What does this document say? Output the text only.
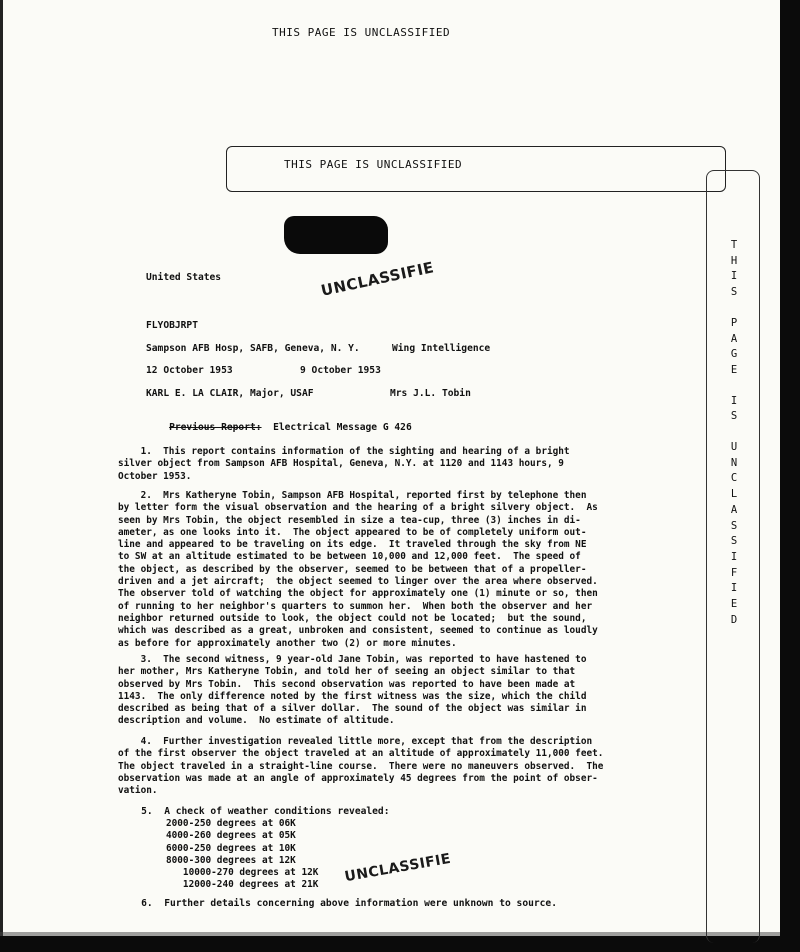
THIS PAGE IS UNCLASSIFIED
THIS PAGE IS UNCLASSIFIED
T
H
I
S
P
A
G
E
I
S
U
N
C
L
A
S
S
I
F
I
E
D
UNCLASSIFIE
United States
FLYOBJRPT
Sampson AFB Hosp, SAFB, Geneva, N. Y.	Wing Intelligence
12 October 1953	9 October 1953
KARL E. LA CLAIR, Major, USAF	Mrs J.L. Tobin

Previous Report: Electrical Message G 426

1.  This report contains information of the sighting and hearing of a bright
silver object from Sampson AFB Hospital, Geneva, N.Y. at 1120 and 1143 hours, 9
October 1953.
2.  Mrs Katheryne Tobin, Sampson AFB Hospital, reported first by telephone then
by letter form the visual observation and the hearing of a bright silvery object.  As
seen by Mrs Tobin, the object resembled in size a tea-cup, three (3) inches in di-
ameter, as one looks into it.  The object appeared to be of completely uniform out-
line and appeared to be traveling on its edge.  It traveled through the sky from NE
to SW at an altitude estimated to be between 10,000 and 12,000 feet.  The speed of
the object, as described by the observer, seemed to be between that of a propeller-
driven and a jet aircraft;  the object seemed to linger over the area where observed.
The observer told of watching the object for approximately one (1) minute or so, then
of running to her neighbor's quarters to summon her.  When both the observer and her
neighbor returned outside to look, the object could not be located;  but the sound,
which was described as a great, unbroken and consistent, seemed to continue as loudly
as before for approximately another two (2) or more minutes.
3.  The second witness, 9 year-old Jane Tobin, was reported to have hastened to
her mother, Mrs Katheryne Tobin, and told her of seeing an object similar to that
observed by Mrs Tobin.  This second observation was reported to have been made at
1143.  The only difference noted by the first witness was the size, which the child
described as being that of a silver dollar.  The sound of the object was similar in
description and volume.  No estimate of altitude.
4.  Further investigation revealed little more, except that from the description
of the first observer the object traveled at an altitude of approximately 11,000 feet.
The object traveled in a straight-line course.  There were no maneuvers observed.  The
observation was made at an angle of approximately 45 degrees from the point of obser-
vation.
5.  A check of weather conditions revealed:
2000-250 degrees at 06K
4000-260 degrees at 05K
6000-250 degrees at 10K
8000-300 degrees at 12K
10000-270 degrees at 12K
12000-240 degrees at 21K	UNCLASSIFIE
6.  Further details concerning above information were unknown to source.
